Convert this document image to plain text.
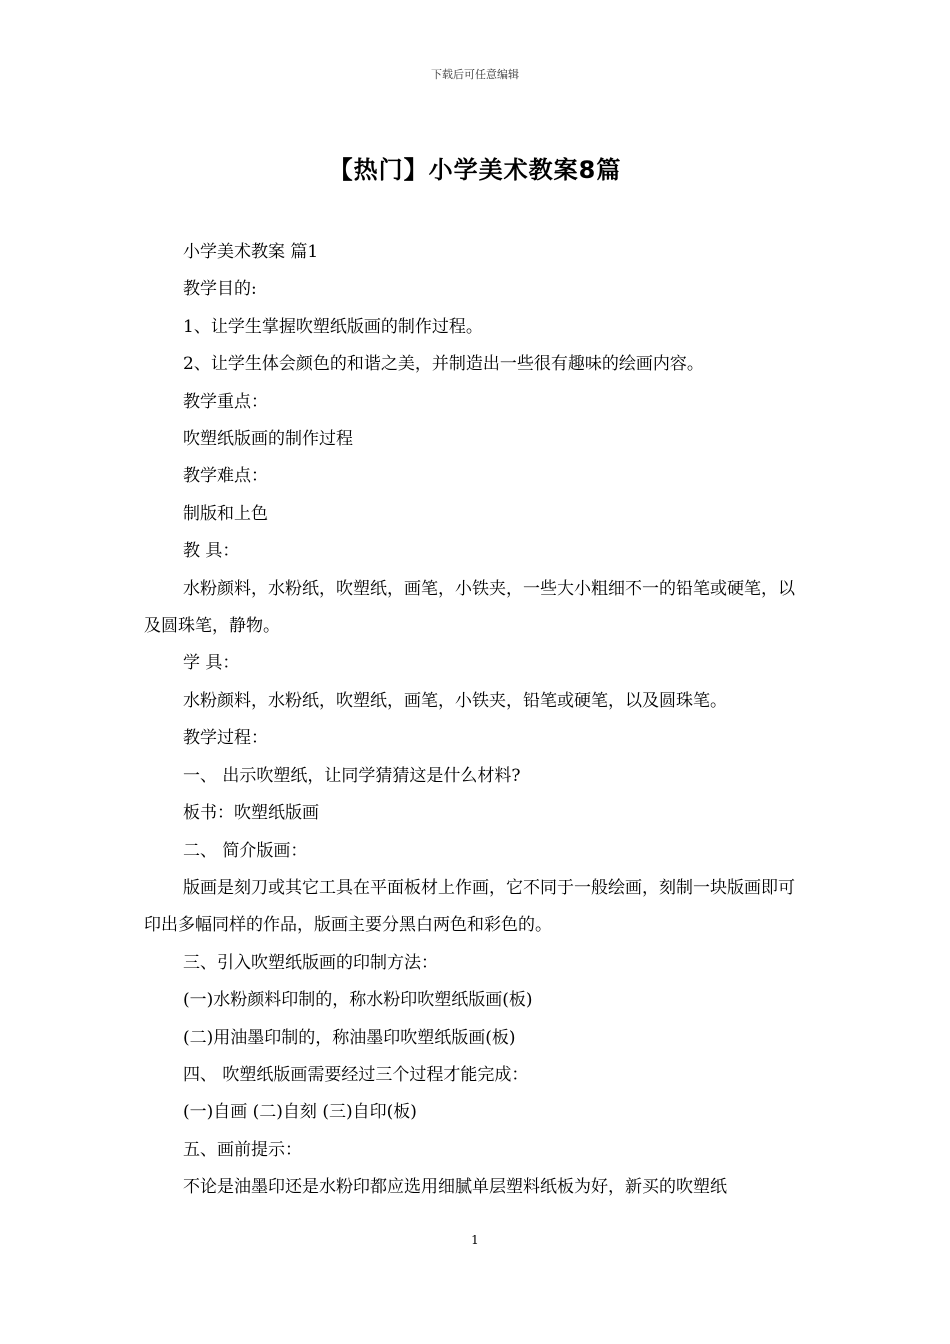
下载后可任意编辑
【热门】小学美术教案8篇

小学美术教案 篇1

教学目的:

1、让学生掌握吹塑纸版画的制作过程。

2、让学生体会颜色的和谐之美，并制造出一些很有趣味的绘画内容。

教学重点：

吹塑纸版画的制作过程

教学难点：

制版和上色

教 具：

水粉颜料，水粉纸，吹塑纸，画笔，小铁夹，一些大小粗细不一的铅笔或硬笔，以及圆珠笔，静物。

学 具：

水粉颜料，水粉纸，吹塑纸，画笔，小铁夹，铅笔或硬笔，以及圆珠笔。

教学过程：

一、 出示吹塑纸，让同学猜猜这是什么材料?

板书：吹塑纸版画

二、 简介版画：

版画是刻刀或其它工具在平面板材上作画，它不同于一般绘画，刻制一块版画即可印出多幅同样的作品，版画主要分黑白两色和彩色的。

三、引入吹塑纸版画的印制方法：

(一)水粉颜料印制的，称水粉印吹塑纸版画(板)

(二)用油墨印制的，称油墨印吹塑纸版画(板)

四、 吹塑纸版画需要经过三个过程才能完成：

(一)自画 (二)自刻 (三)自印(板)

五、画前提示：

不论是油墨印还是水粉印都应选用细腻单层塑料纸板为好，新买的吹塑纸

1
